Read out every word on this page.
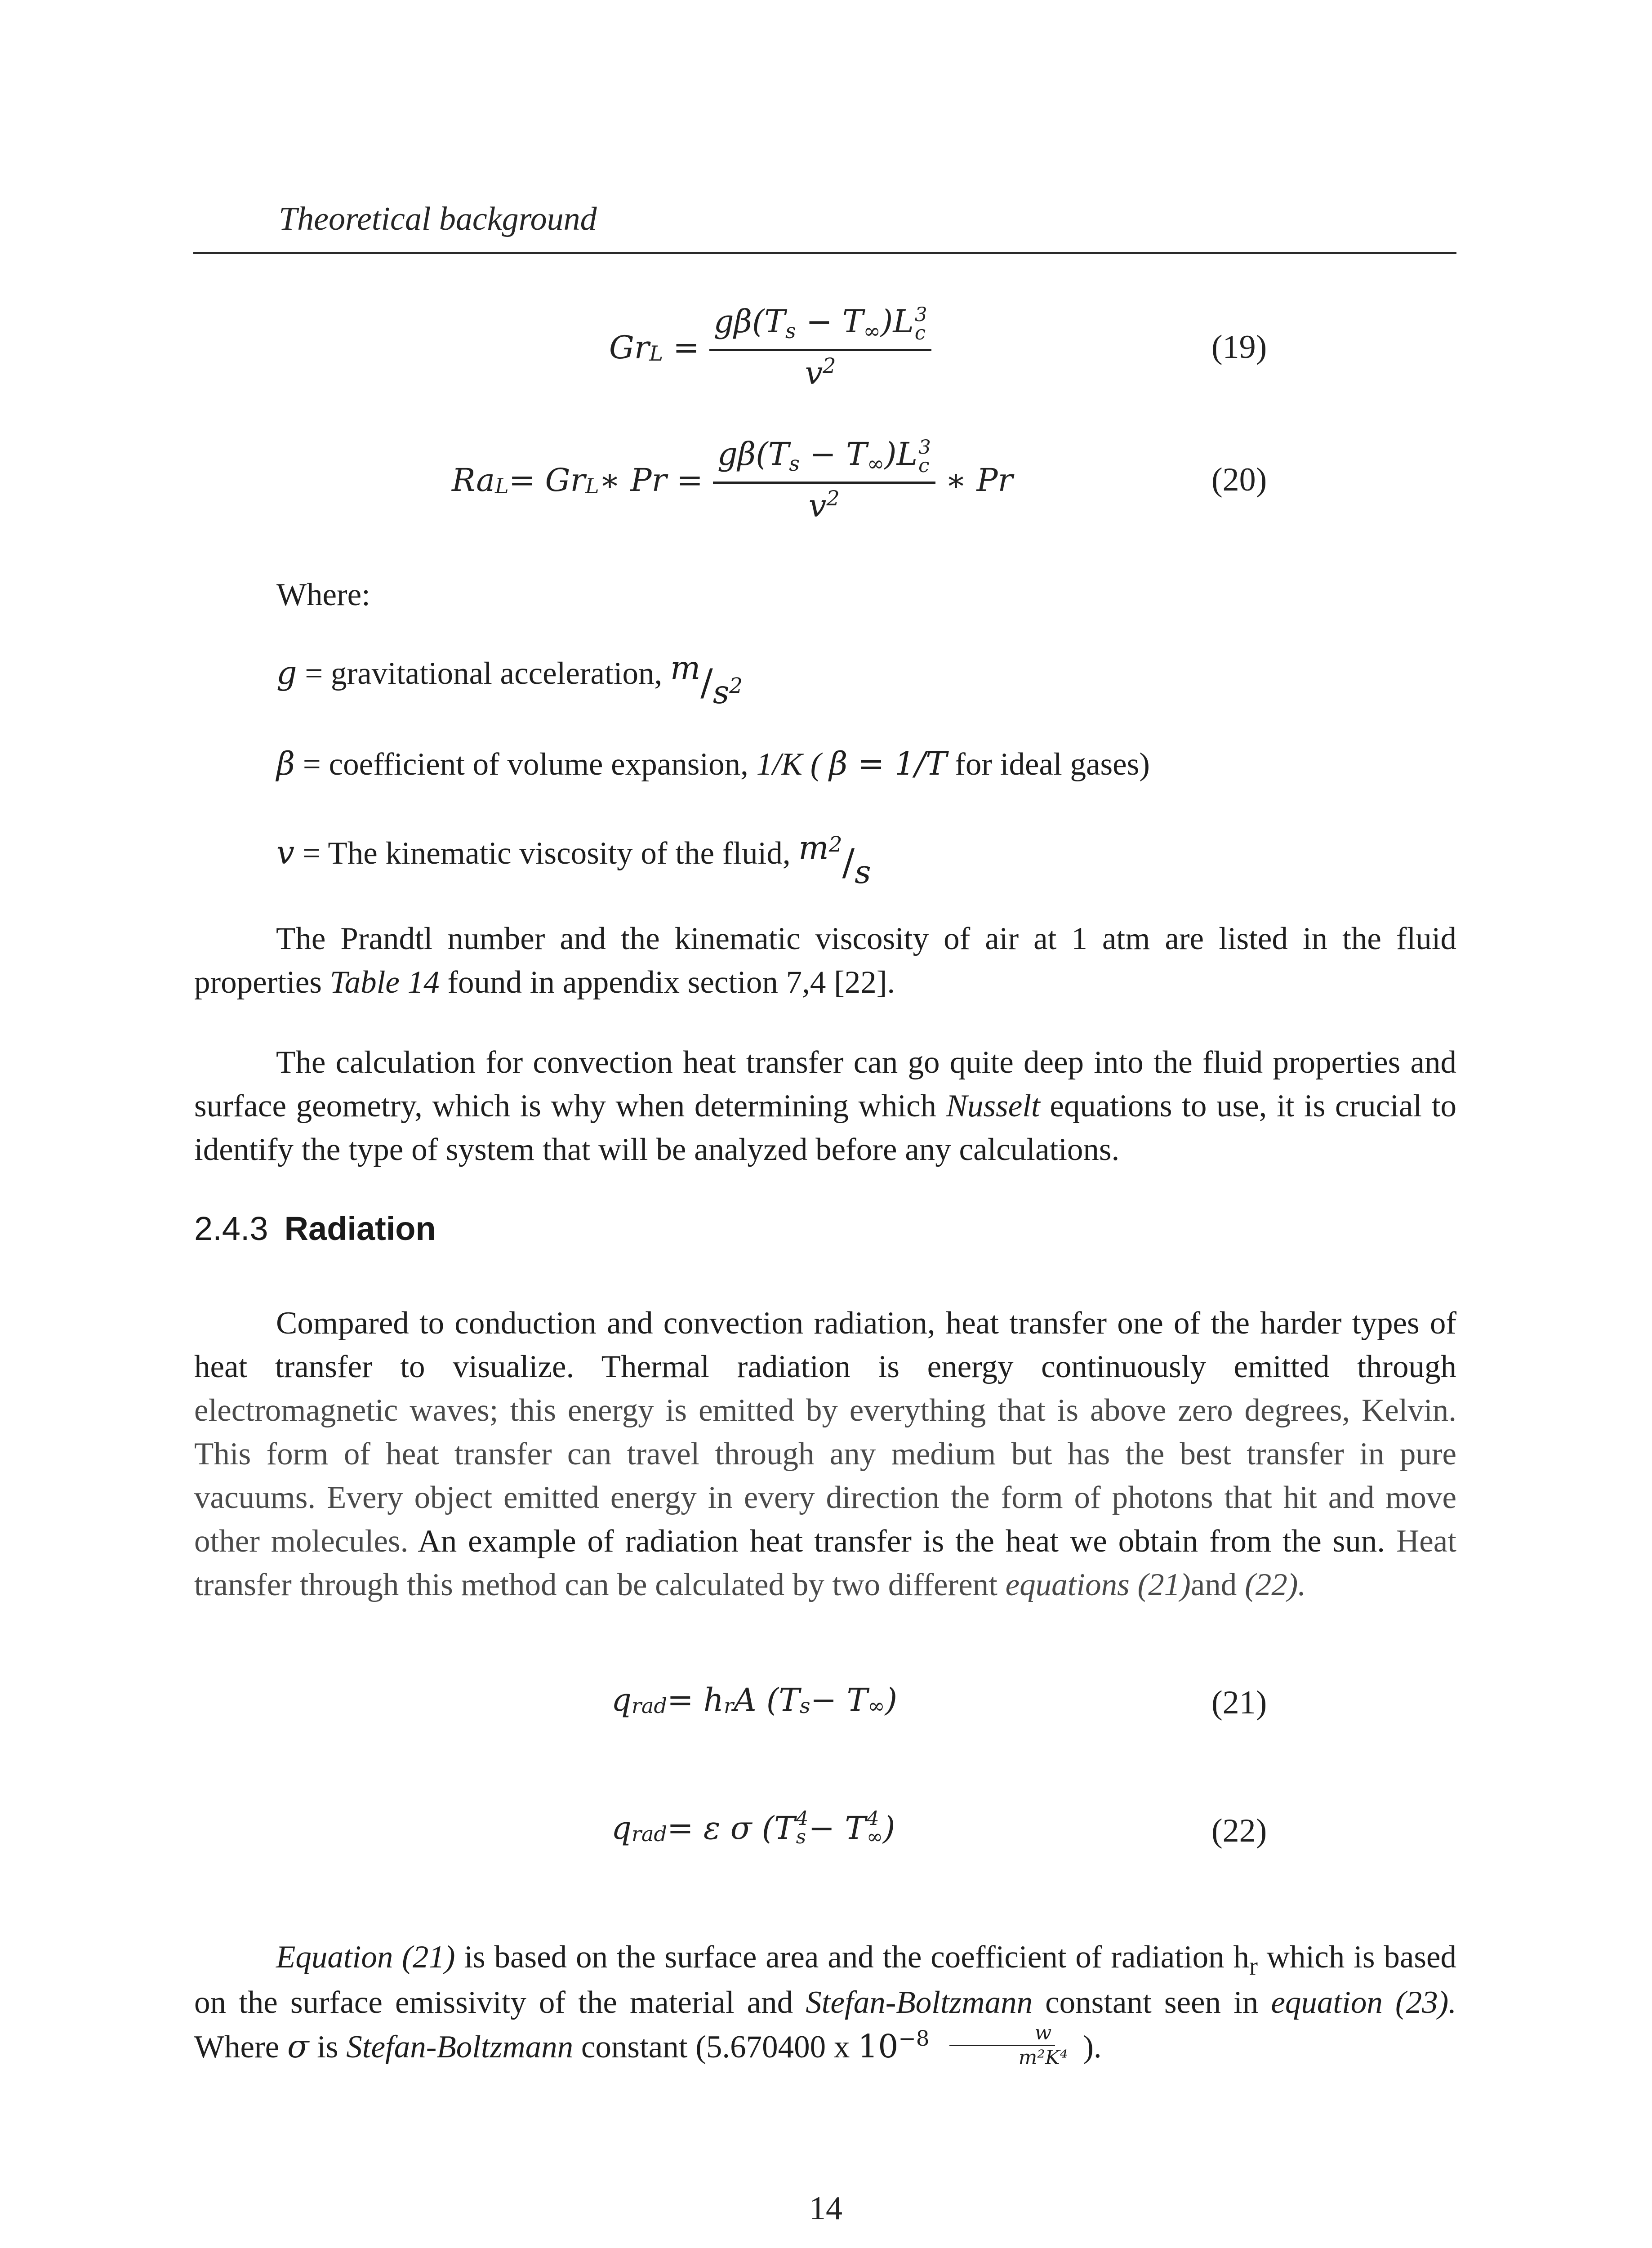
Theoretical background
Gr L = gβ(Ts − T∞)L 3
c
$v^2$	(19)
Ra L = Gr L ∗ Pr = gβ(Ts − T∞)L 3
c
$v^2$ ∗ Pr	(20)
Where:
g = gravitational acceleration, m/s2
β = coefficient of volume expansion, 1/K ( β = 1/T for ideal gases)
v = The kinematic viscosity of the fluid, $m^2/s$
The Prandtl number and the kinematic viscosity of air at 1 atm are listed in the fluid properties Table 14 found in appendix section 7,4 [22].
The calculation for convection heat transfer can go quite deep into the fluid properties and surface geometry, which is why when determining which Nusselt equations to use, it is crucial to identify the type of system that will be analyzed before any calculations.
2.4.3 Radiation
Compared to conduction and convection radiation, heat transfer one of the harder types of heat transfer to visualize. Thermal radiation is energy continuously emitted through electromagnetic waves; this energy is emitted by everything that is above zero degrees, Kelvin. This form of heat transfer can travel through any medium but has the best transfer in pure vacuums. Every object emitted energy in every direction the form of photons that hit and move other molecules. An example of radiation heat transfer is the heat we obtain from the sun. Heat transfer through this method can be calculated by two different equations (21)and (22).
q rad = h r A (T s − T ∞ )	(21)
q rad = ε σ (T 4
s − T 4
∞ )	(22)
Equation (21) is based on the surface area and the coefficient of radiation $h_r$ which is based on the surface emissivity of the material and Stefan-Boltzmann constant seen in equation (23). Where σ is Stefan-Boltzmann constant (5.670400 x $10^{-8} \frac{w}{\text{m²K⁴}}$ ).
14
